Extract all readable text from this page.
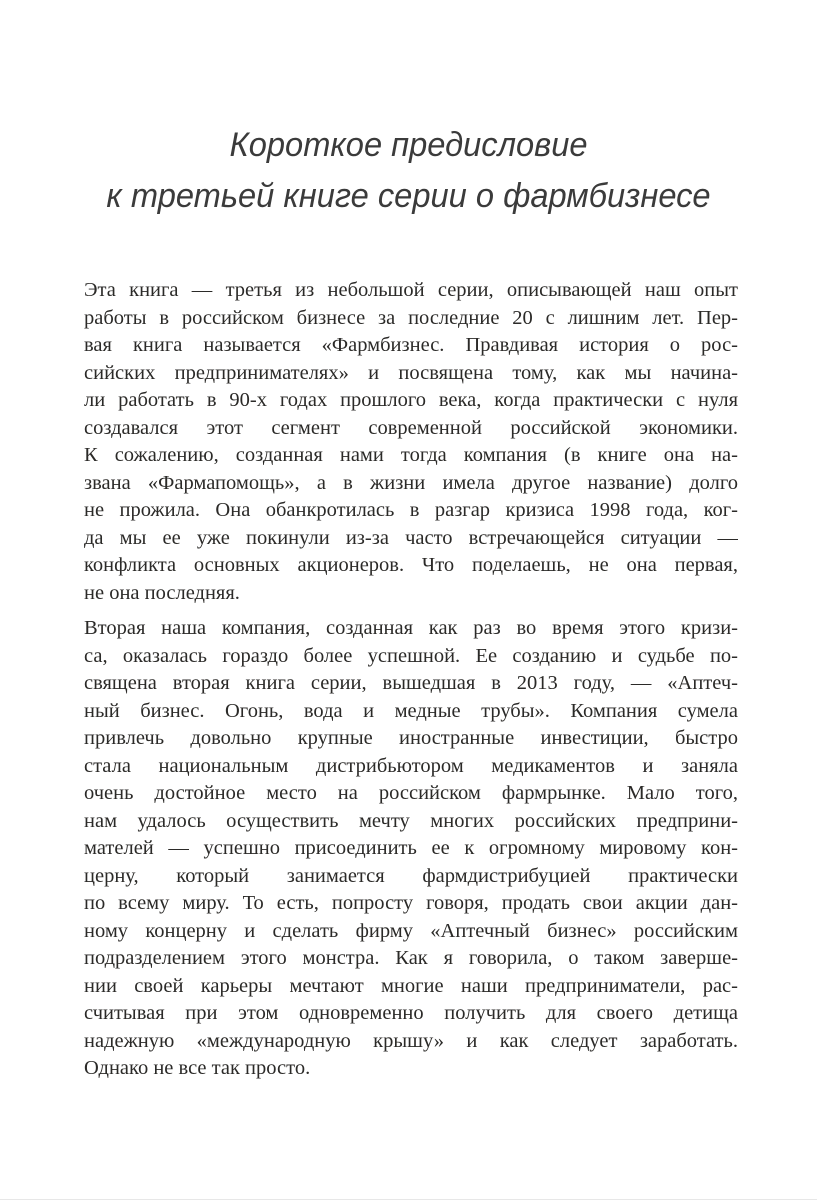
Короткое предисловие
к третьей книге серии о фармбизнесе
Эта книга — третья из небольшой серии, описывающей наш опыт
работы в российском бизнесе за последние 20 с лишним лет. Пер-
вая книга называется «Фармбизнес. Правдивая история о рос-
сийских предпринимателях» и посвящена тому, как мы начина-
ли работать в 90-х годах прошлого века, когда практически с нуля
создавался этот сегмент современной российской экономики.
К сожалению, созданная нами тогда компания (в книге она на-
звана «Фармапомощь», а в жизни имела другое название) долго
не прожила. Она обанкротилась в разгар кризиса 1998 года, ког-
да мы ее уже покинули из-за часто встречающейся ситуации —
конфликта основных акционеров. Что поделаешь, не она первая,
не она последняя.
Вторая наша компания, созданная как раз во время этого кризи-
са, оказалась гораздо более успешной. Ее созданию и судьбе по-
священа вторая книга серии, вышедшая в 2013 году, — «Аптеч-
ный бизнес. Огонь, вода и медные трубы». Компания сумела
привлечь довольно крупные иностранные инвестиции, быстро
стала национальным дистрибьютором медикаментов и заняла
очень достойное место на российском фармрынке. Мало того,
нам удалось осуществить мечту многих российских предприни-
мателей — успешно присоединить ее к огромному мировому кон-
церну, который занимается фармдистрибуцией практически
по всему миру. То есть, попросту говоря, продать свои акции дан-
ному концерну и сделать фирму «Аптечный бизнес» российским
подразделением этого монстра. Как я говорила, о таком заверше-
нии своей карьеры мечтают многие наши предприниматели, рас-
считывая при этом одновременно получить для своего детища
надежную «международную крышу» и как следует заработать.
Однако не все так просто.
